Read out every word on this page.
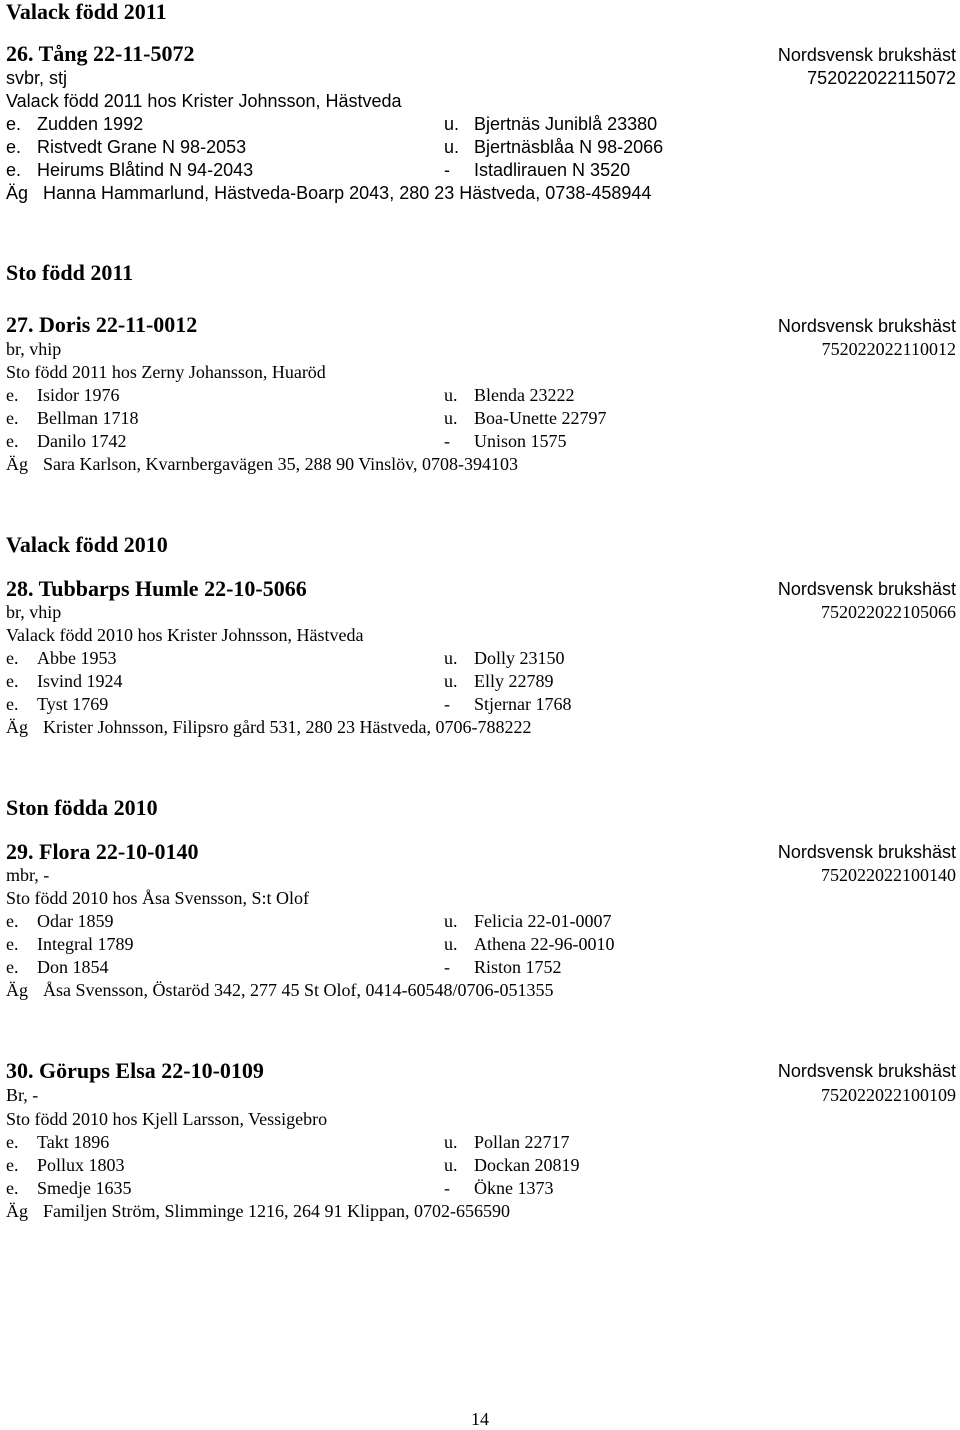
Valack född 2011
26. Tång 22-11-5072	Nordsvensk brukshäst
svbr, stj	752022022115072
Valack född 2011 hos Krister Johnsson, Hästveda
e. Zudden 1992	u. Bjertnäs Juniblå 23380
e. Ristvedt Grane N 98-2053	u. Bjertnäsblåa N 98-2066
e. Heirums Blåtind N 94-2043	- Istadlirauen N 3520
Äg Hanna Hammarlund, Hästveda-Boarp 2043, 280 23 Hästveda, 0738-458944
Sto född 2011
27. Doris 22-11-0012	Nordsvensk brukshäst
br, vhip	752022022110012
Sto född 2011 hos Zerny Johansson, Huaröd
e. Isidor 1976	u. Blenda 23222
e. Bellman 1718	u. Boa-Unette 22797
e. Danilo 1742	- Unison 1575
Äg Sara Karlson, Kvarnbergavägen 35, 288 90 Vinslöv, 0708-394103
Valack född 2010
28. Tubbarps Humle 22-10-5066	Nordsvensk brukshäst
br, vhip	752022022105066
Valack född 2010 hos Krister Johnsson, Hästveda
e. Abbe 1953	u. Dolly 23150
e. Isvind 1924	u. Elly 22789
e. Tyst 1769	- Stjernar 1768
Äg Krister Johnsson, Filipsro gård 531, 280 23 Hästveda, 0706-788222
Ston födda 2010
29. Flora 22-10-0140	Nordsvensk brukshäst
mbr, -	752022022100140
Sto född 2010 hos Åsa Svensson, S:t Olof
e. Odar 1859	u. Felicia 22-01-0007
e. Integral 1789	u. Athena 22-96-0010
e. Don 1854	- Riston 1752
Äg Åsa Svensson, Östaröd 342, 277 45 St Olof, 0414-60548/0706-051355
30. Görups Elsa 22-10-0109	Nordsvensk brukshäst
Br, -	752022022100109
Sto född 2010 hos Kjell Larsson, Vessigebro
e. Takt 1896	u. Pollan 22717
e. Pollux 1803	u. Dockan 20819
e. Smedje 1635	- Ökne 1373
Äg Familjen Ström, Slimminge 1216, 264 91 Klippan, 0702-656590
14
